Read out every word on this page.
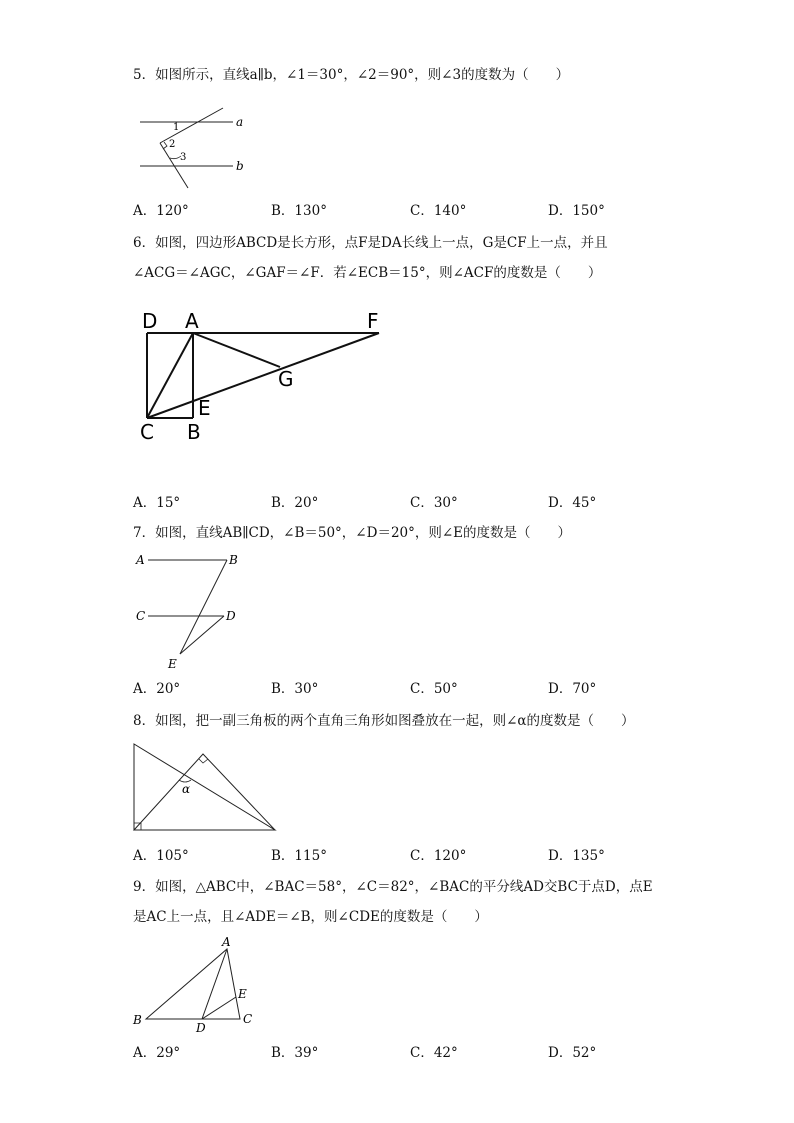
5．如图所示，直线a∥b，∠1＝30°，∠2＝90°，则∠3的度数为（　　）
a
b
1
2
3
A．120°	B．130°	C．140°	D．150°
6．如图，四边形ABCD是长方形，点F是DA长线上一点，G是CF上一点，并且
∠ACG＝∠AGC，∠GAF＝∠F．若∠ECB＝15°，则∠ACF的度数是（　　）
D A	F
G
E
C B
A．15°	B．20°	C．30°	D．45°
7．如图，直线AB∥CD，∠B＝50°，∠D＝20°，则∠E的度数是（　　）
A	B
C	D
E
A．20°	B．30°	C．50°	D．70°
8．如图，把一副三角板的两个直角三角形如图叠放在一起，则∠α的度数是（　　）
α
A．105°	B．115°	C．120°	D．135°
9．如图，△ABC中，∠BAC＝58°，∠C＝82°，∠BAC的平分线AD交BC于点D，点E
是AC上一点，且∠ADE＝∠B，则∠CDE的度数是（　　）
A
E
B
D
C
A．29°	B．39°	C．42°	D．52°
